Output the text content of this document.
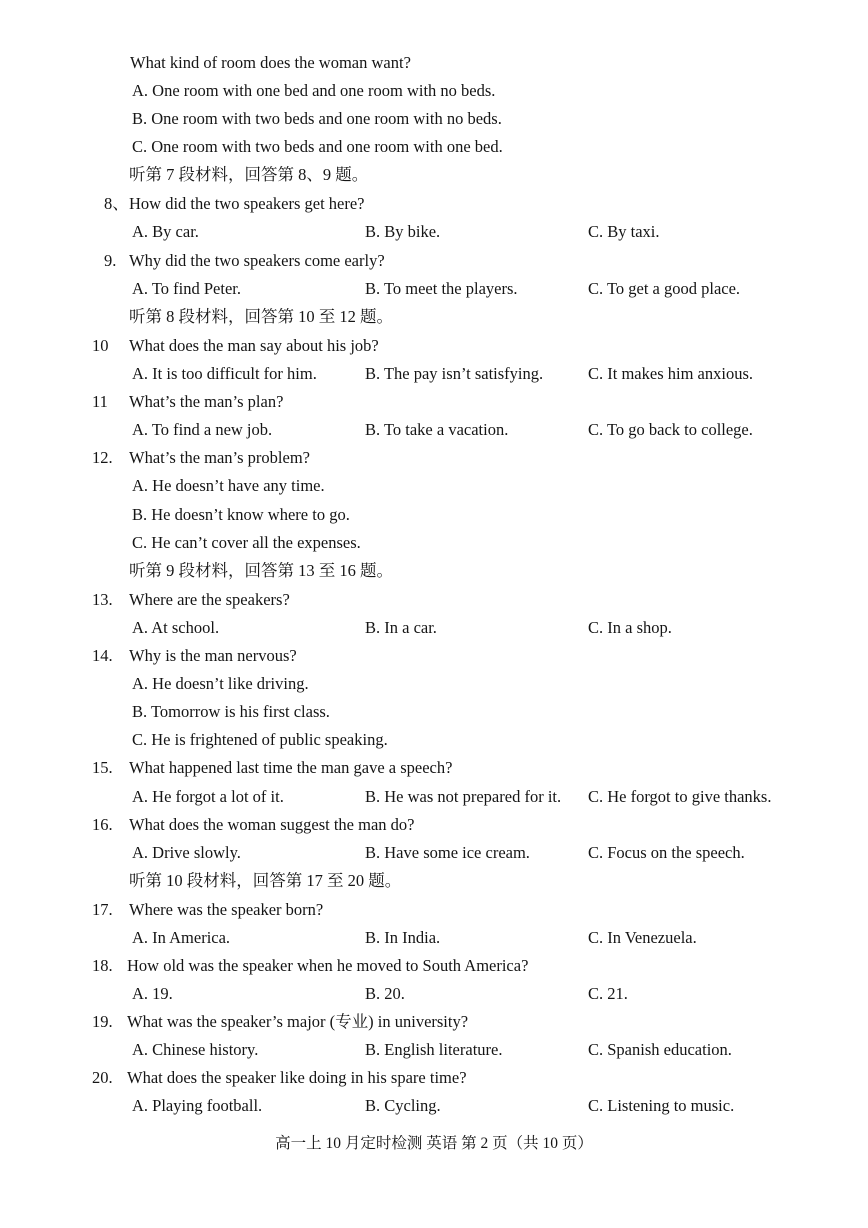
What kind of room does the woman want?
A. One room with one bed and one room with no beds.
B. One room with two beds and one room with no beds.
C. One room with two beds and one room with one bed.
听第 7 段材料，回答第 8、9 题。
8、 How did the two speakers get here?
A. By car.	B. By bike.	C. By taxi.
9. Why did the two speakers come early?
A. To find Peter.	B. To meet the players.	C. To get a good place.
听第 8 段材料，回答第 10 至 12 题。
10 What does the man say about his job?
A. It is too difficult for him.	B. The pay isn’t satisfying.	C. It makes him anxious.
11 What’s the man’s plan?
A. To find a new job.	B. To take a vacation.	C. To go back to college.
12. What’s the man’s problem?
A. He doesn’t have any time.
B. He doesn’t know where to go.
C. He can’t cover all the expenses.
听第 9 段材料，回答第 13 至 16 题。
13. Where are the speakers?
A. At school.	B. In a car.	C. In a shop.
14. Why is the man nervous?
A. He doesn’t like driving.
B. Tomorrow is his first class.
C. He is frightened of public speaking.
15. What happened last time the man gave a speech?
A. He forgot a lot of it.	B. He was not prepared for it. C. He forgot to give thanks.
16. What does the woman suggest the man do?
A. Drive slowly.	B. Have some ice cream.	C. Focus on the speech.
听第 10 段材料，回答第 17 至 20 题。
17. Where was the speaker born?
A. In America.	B. In India.	C. In Venezuela.
18. How old was the speaker when he moved to South America?
A. 19.	B. 20.	C. 21.
19. What was the speaker’s major (专业) in university?
A. Chinese history.	B. English literature.	C. Spanish education.
20. What does the speaker like doing in his spare time?
A. Playing football.	B. Cycling.	C. Listening to music.
高一上 10 月定时检测 英语 第 2 页（共 10 页）
